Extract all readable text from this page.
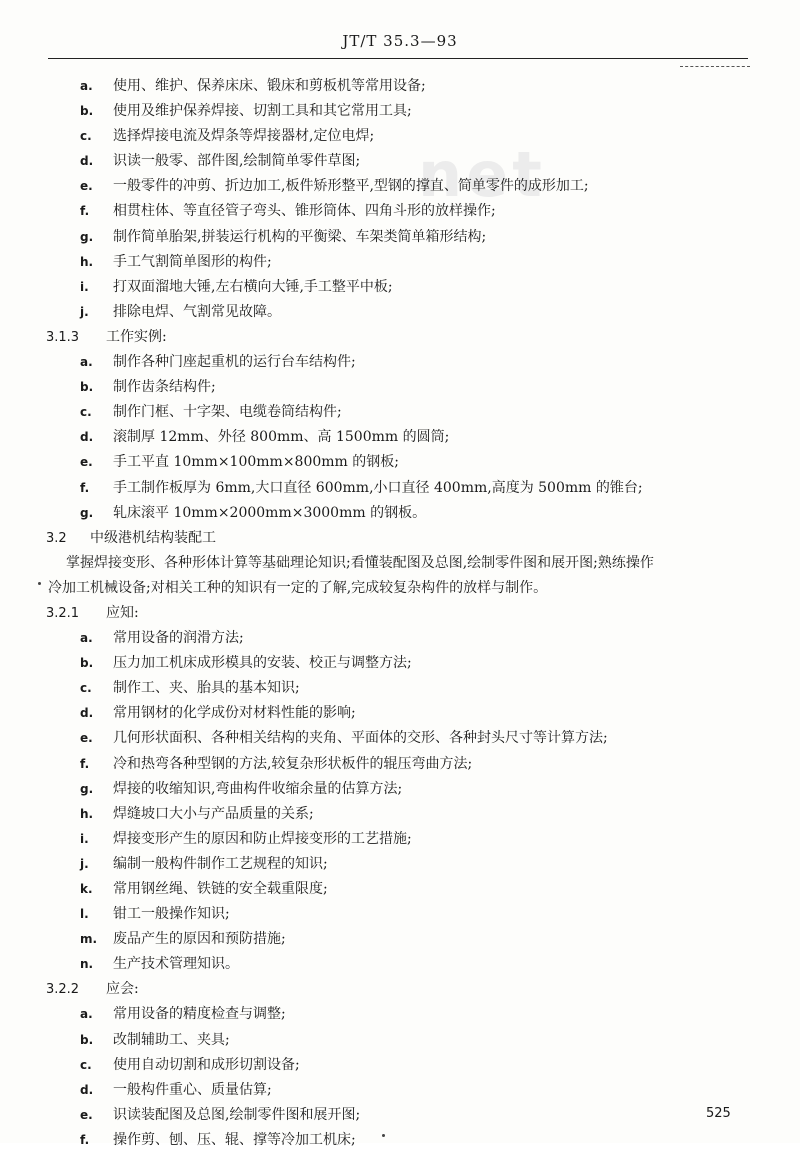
JT/T 35.3—93
net
a. 使用、维护、保养床床、锻床和剪板机等常用设备;
b. 使用及维护保养焊接、切割工具和其它常用工具;
c. 选择焊接电流及焊条等焊接器材,定位电焊;
d. 识读一般零、部件图,绘制简单零件草图;
e. 一般零件的冲剪、折边加工,板件矫形整平,型钢的撑直、简单零件的成形加工;
f. 相贯柱体、等直径管子弯头、锥形筒体、四角斗形的放样操作;
g. 制作简单胎架,拼装运行机构的平衡梁、车架类简单箱形结构;
h. 手工气割简单图形的构件;
i. 打双面溜地大锤,左右横向大锤,手工整平中板;
j. 排除电焊、气割常见故障。
3.1.3 工作实例:
a. 制作各种门座起重机的运行台车结构件;
b. 制作齿条结构件;
c. 制作门框、十字架、电缆卷筒结构件;
d. 滚制厚 12mm、外径 800mm、高 1500mm 的圆筒;
e. 手工平直 10mm×100mm×800mm 的钢板;
f. 手工制作板厚为 6mm,大口直径 600mm,小口直径 400mm,高度为 500mm 的锥台;
g. 轧床滚平 10mm×2000mm×3000mm 的钢板。
3.2 中级港机结构装配工
掌握焊接变形、各种形体计算等基础理论知识;看懂装配图及总图,绘制零件图和展开图;熟练操作
冷加工机械设备;对相关工种的知识有一定的了解,完成较复杂构件的放样与制作。
3.2.1 应知:
a. 常用设备的润滑方法;
b. 压力加工机床成形模具的安装、校正与调整方法;
c. 制作工、夹、胎具的基本知识;
d. 常用钢材的化学成份对材料性能的影响;
e. 几何形状面积、各种相关结构的夹角、平面体的交形、各种封头尺寸等计算方法;
f. 冷和热弯各种型钢的方法,较复杂形状板件的辊压弯曲方法;
g. 焊接的收缩知识,弯曲构件收缩余量的估算方法;
h. 焊缝坡口大小与产品质量的关系;
i. 焊接变形产生的原因和防止焊接变形的工艺措施;
j. 编制一般构件制作工艺规程的知识;
k. 常用钢丝绳、铁链的安全载重限度;
l. 钳工一般操作知识;
m. 废品产生的原因和预防措施;
n. 生产技术管理知识。
3.2.2 应会:
a. 常用设备的精度检查与调整;
b. 改制辅助工、夹具;
c. 使用自动切割和成形切割设备;
d. 一般构件重心、质量估算;
e. 识读装配图及总图,绘制零件图和展开图;
f. 操作剪、刨、压、辊、撑等冷加工机床;
525
